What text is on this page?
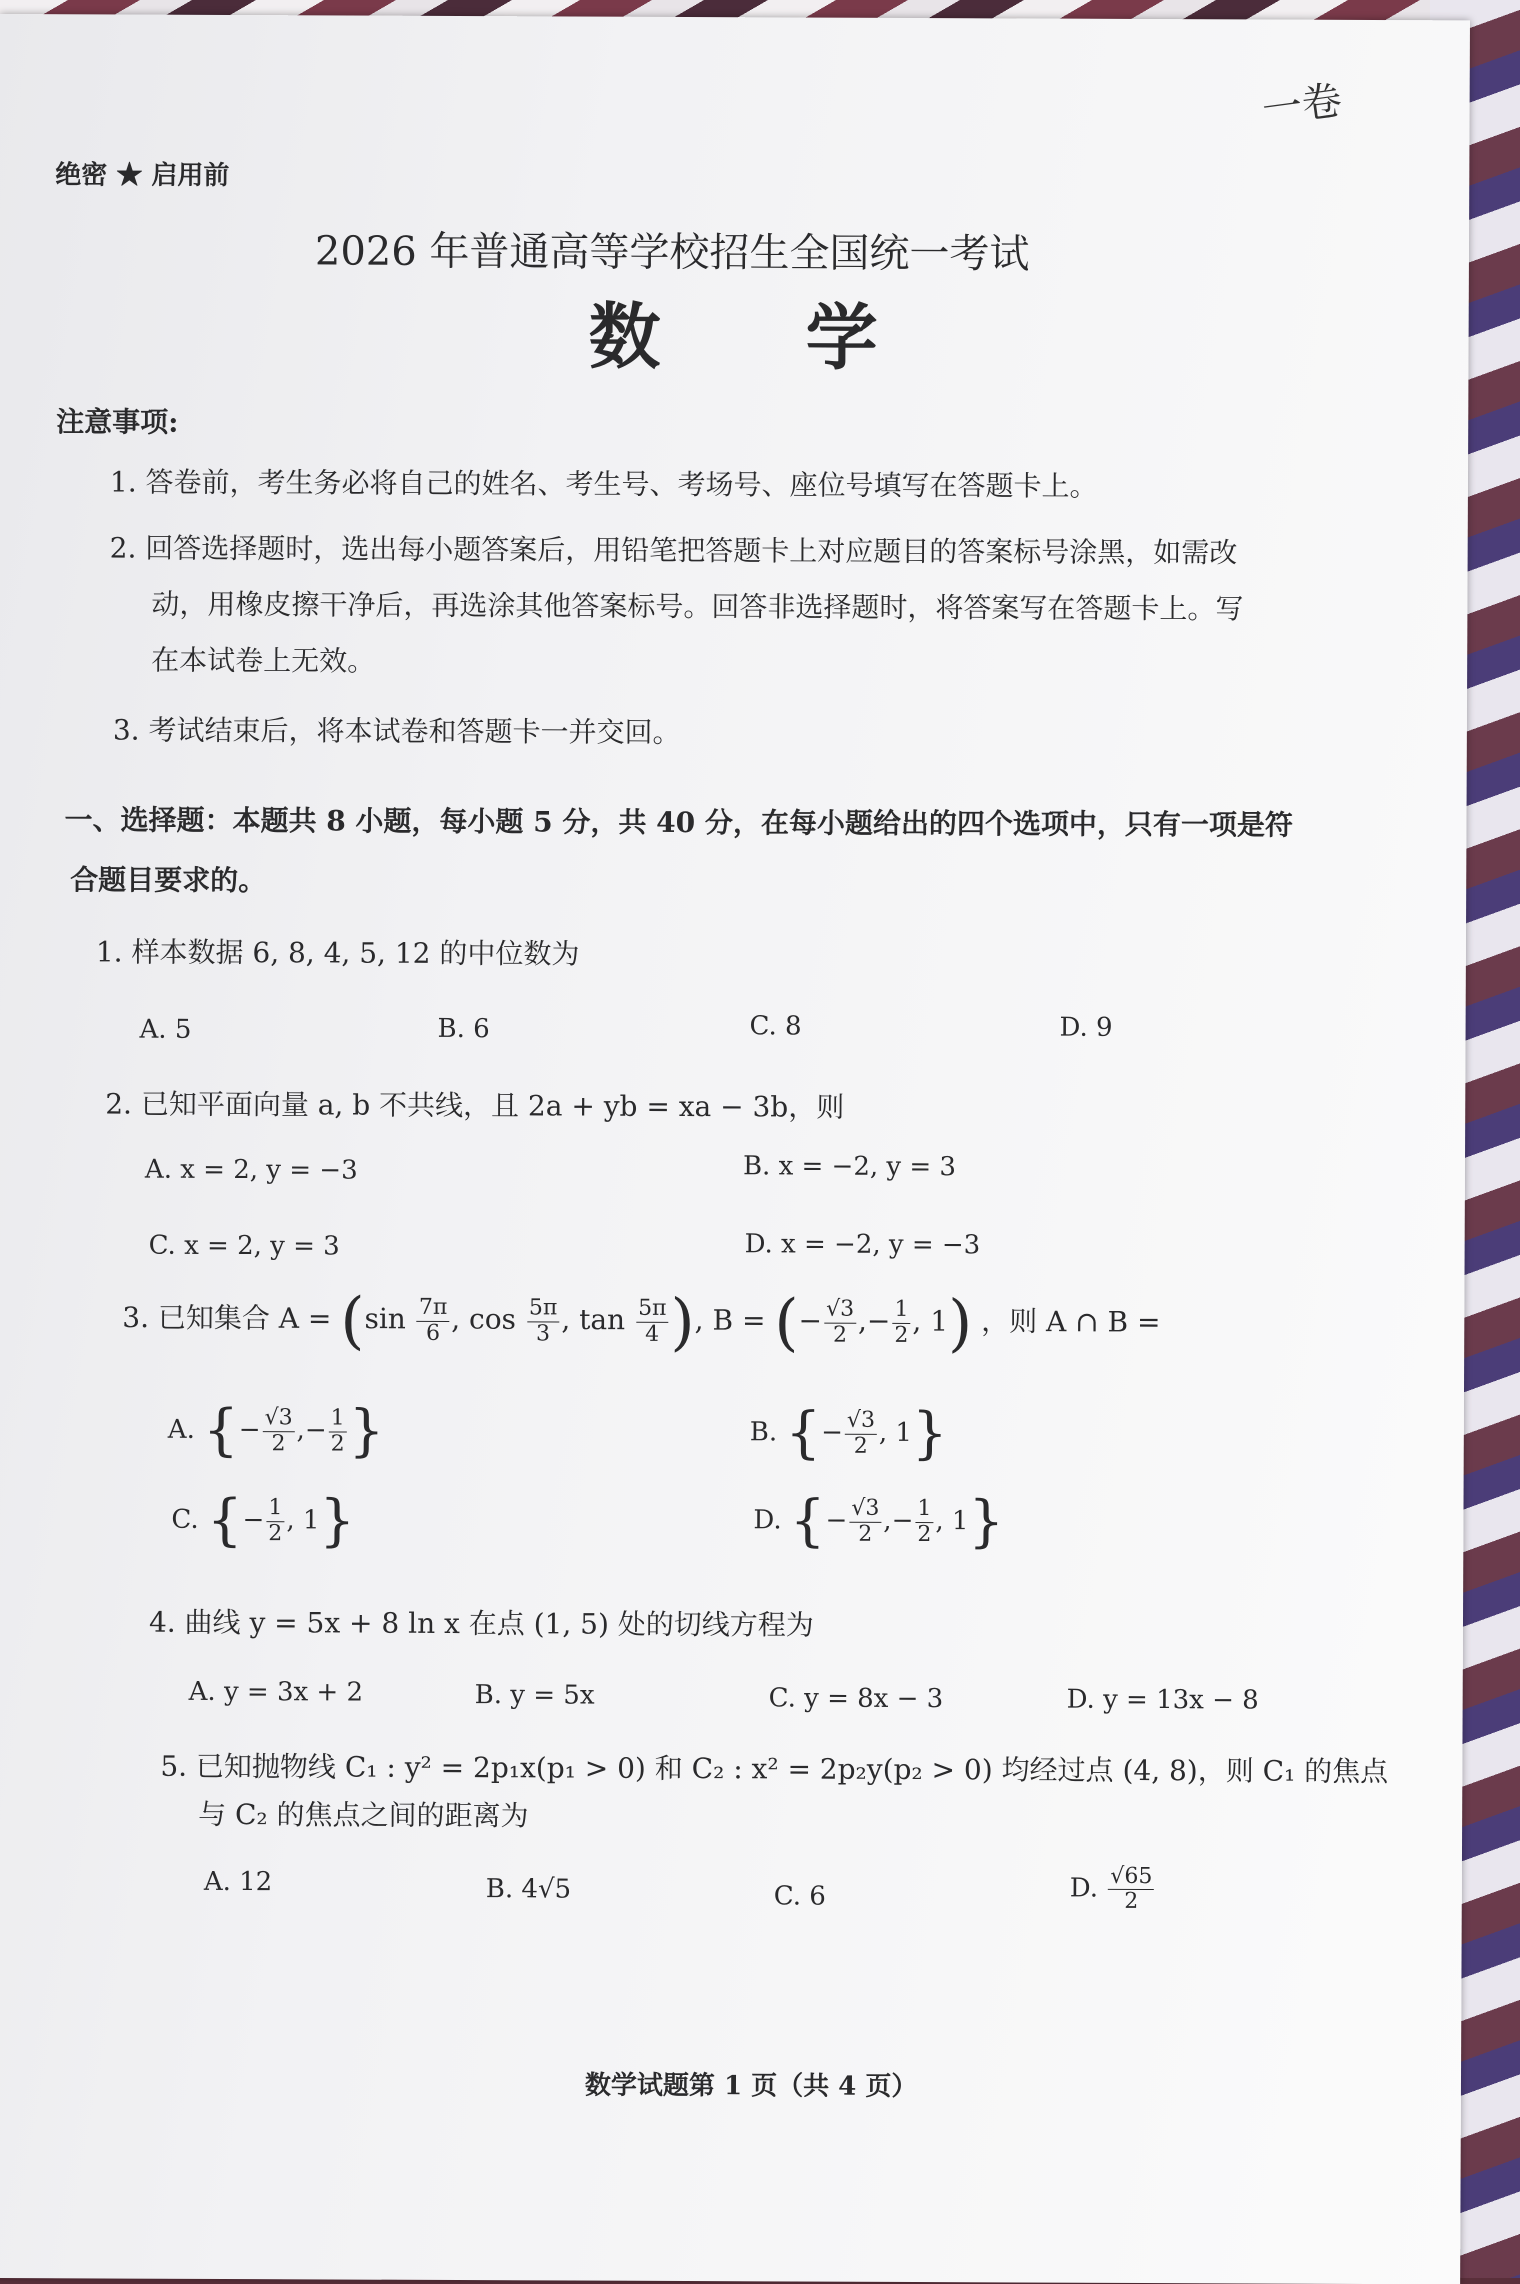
一卷
绝密 ★ 启用前
2026 年普通高等学校招生全国统一考试
数 学
注意事项:
1. 答卷前，考生务必将自己的姓名、考生号、考场号、座位号填写在答题卡上。
2. 回答选择题时，选出每小题答案后，用铅笔把答题卡上对应题目的答案标号涂黑，如需改
动，用橡皮擦干净后，再选涂其他答案标号。回答非选择题时，将答案写在答题卡上。写
在本试卷上无效。
3. 考试结束后，将本试卷和答题卡一并交回。
一、选择题：本题共 8 小题，每小题 5 分，共 40 分，在每小题给出的四个选项中，只有一项是符
合题目要求的。
1. 样本数据 6, 8, 4, 5, 12 的中位数为
A. 5	B. 6	C. 8	D. 9
2. 已知平面向量 a, b 不共线，且 2a + yb = xa − 3b，则
A. x = 2, y = −3	B. x = −2, y = 3
C. x = 2, y = 3	D. x = −2, y = −3
3. 已知集合 $A = (\sin \frac{7\pi}{6}$ , $\cos \frac{5\pi}{3}$ , $\tan \frac{5\pi}{4}$ ), B = (− $\frac{√3}{2}$ ,− $\frac{1}{2}$ , 1) ，则 A ∩ B =
A. {− $\frac{√3}{2}$ ,− $\frac{1}{2}$ }	B. {− $\frac{√3}{2}$ , 1}
C. {− $\frac{1}{2}$ , 1}	D. {− $\frac{√3}{2}$ ,− $\frac{1}{2}$ , 1}
4. 曲线 y = 5x + 8 ln x 在点 (1, 5) 处的切线方程为
A. y = 3x + 2	B. y = 5x	C. y = 8x − 3	D. y = 13x − 8
5. 已知抛物线 C₁ : y² = 2p₁x(p₁ > 0) 和 C₂ : x² = 2p₂y(p₂ > 0) 均经过点 (4, 8)，则 C₁ 的焦点
与 C₂ 的焦点之间的距离为
A. 12	B. 4√5	C. 6	D. $\frac{√65}{2}$
数学试题第 1 页（共 4 页）
